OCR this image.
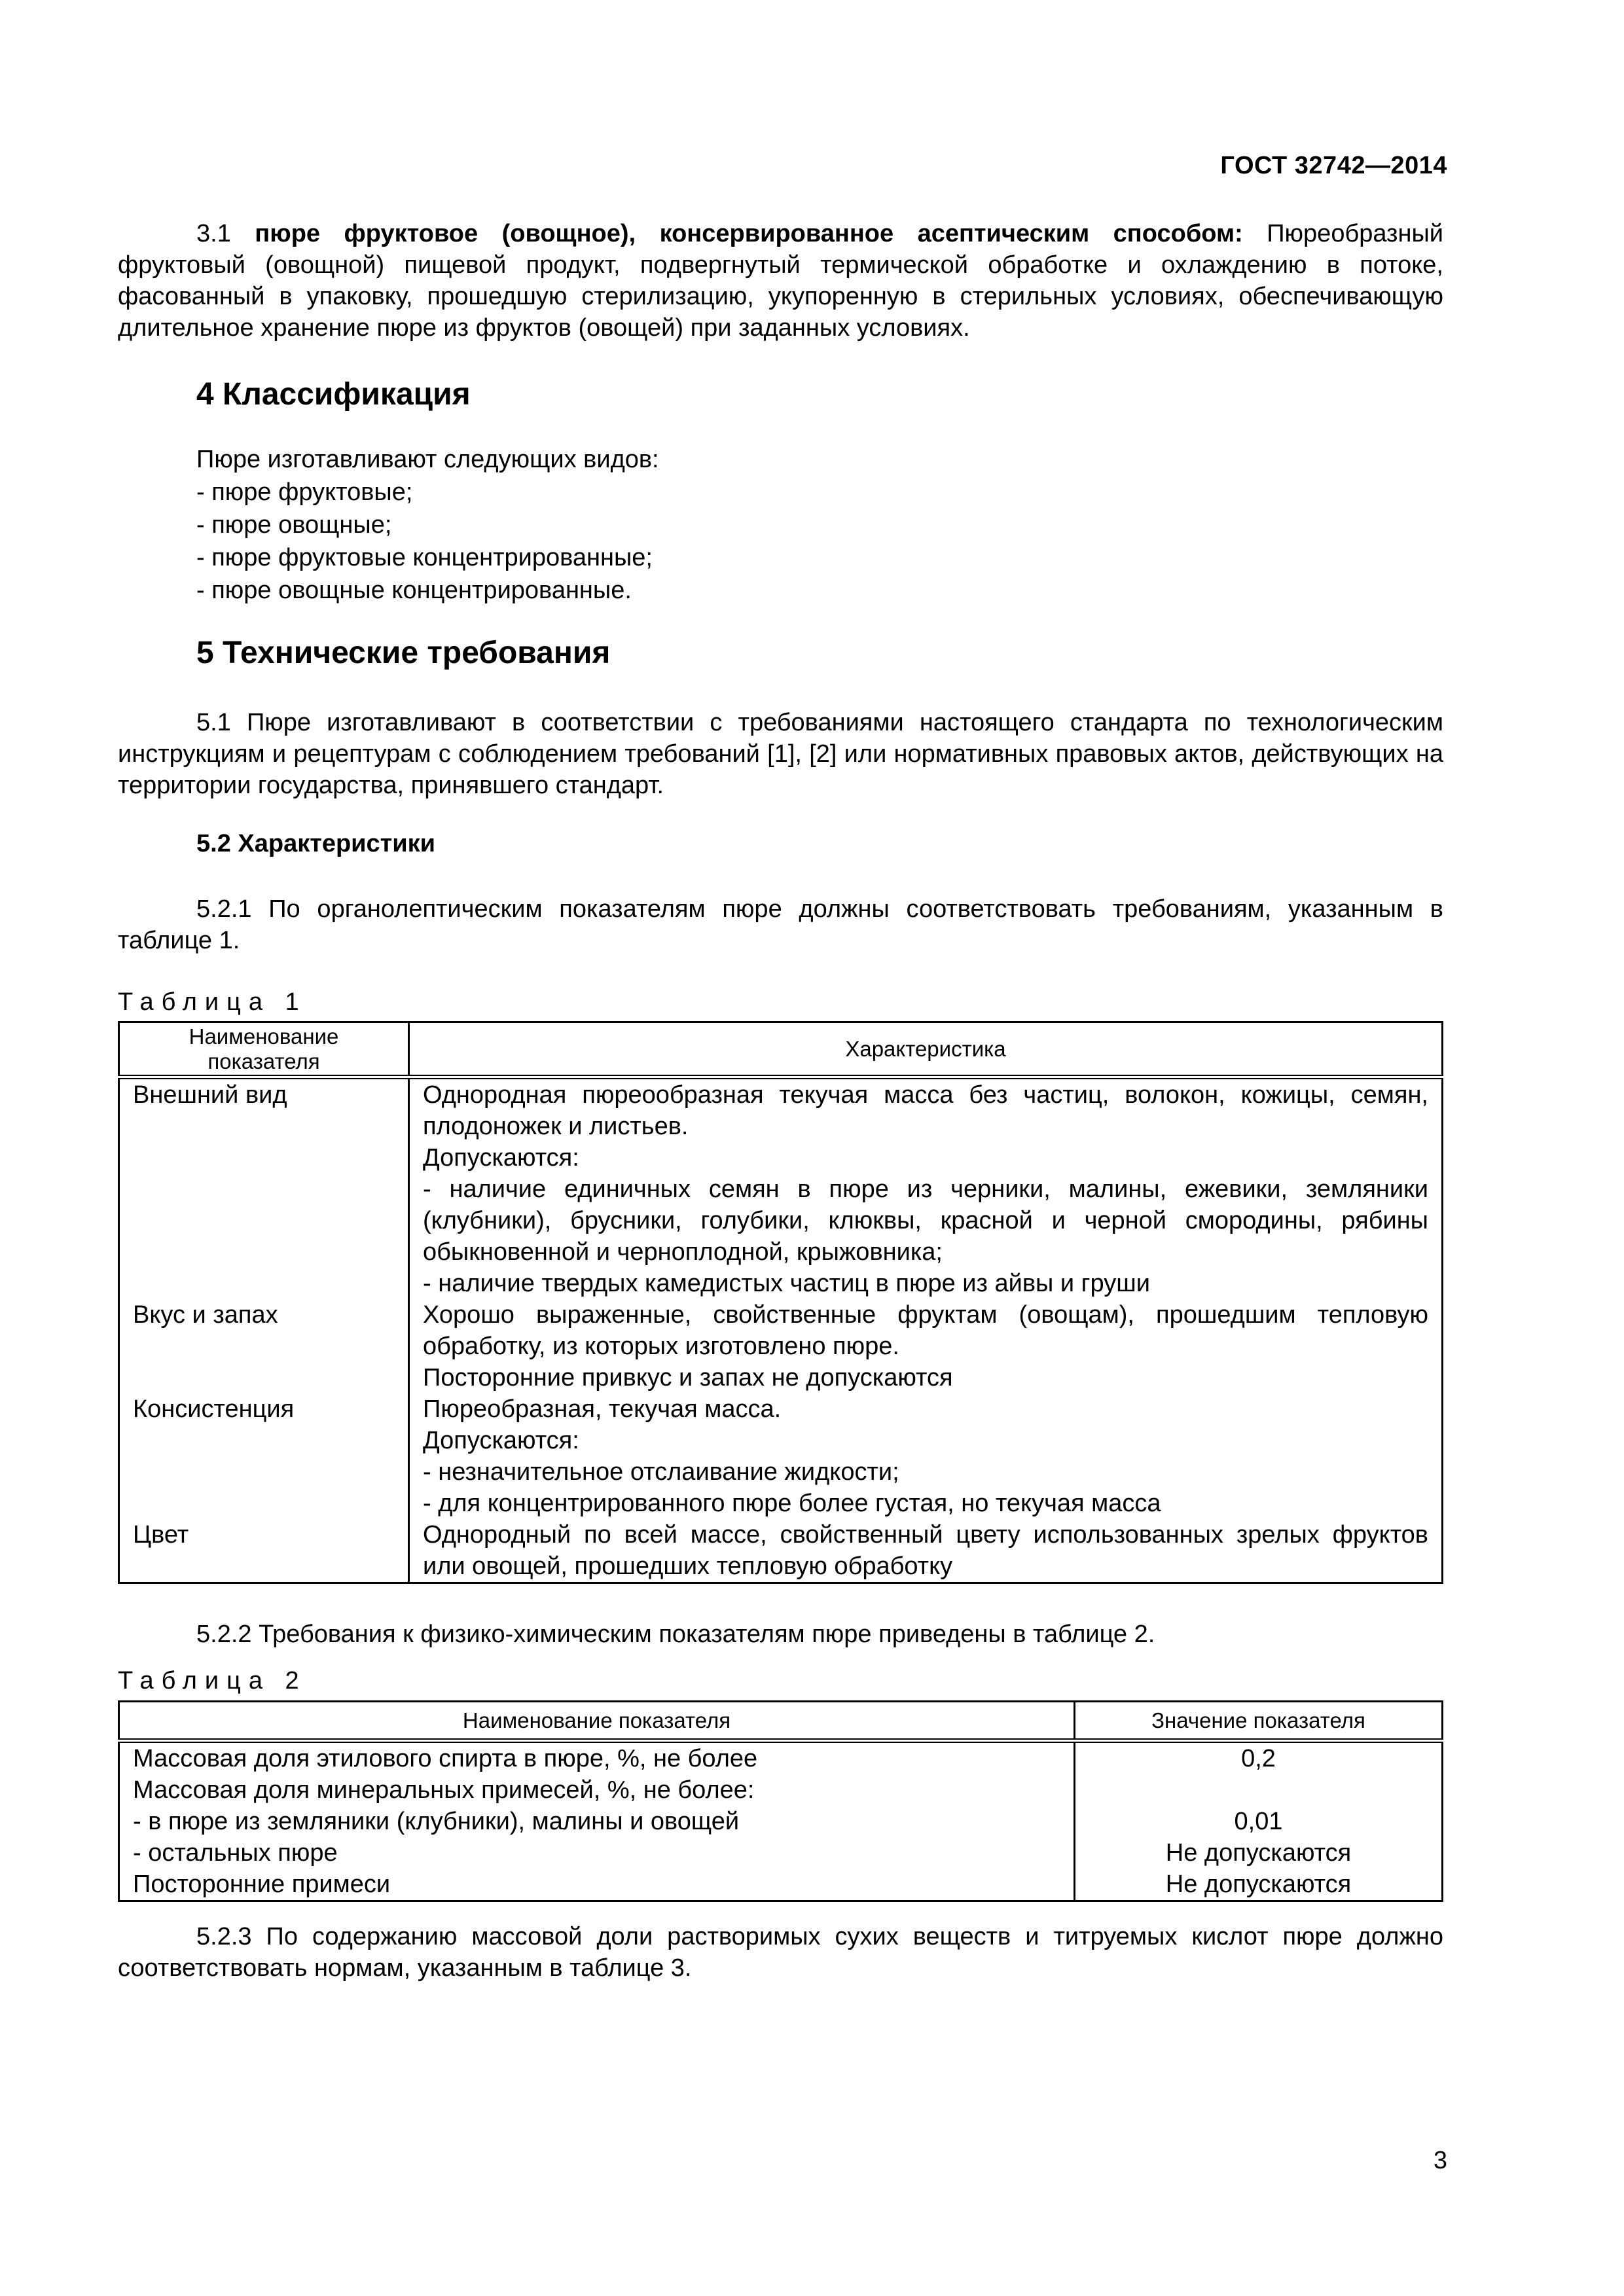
ГОСТ 32742—2014
3.1 пюре фруктовое (овощное), консервированное асептическим способом: Пюреобразный фруктовый (овощной) пищевой продукт, подвергнутый термической обработке и охлаждению в потоке, фасованный в упаковку, прошедшую стерилизацию, укупоренную в стерильных условиях, обеспечивающую длительное хранение пюре из фруктов (овощей) при заданных условиях.
4 Классификация
Пюре изготавливают следующих видов:
- пюре фруктовые;
- пюре овощные;
- пюре фруктовые концентрированные;
- пюре овощные концентрированные.
5 Технические требования
5.1 Пюре изготавливают в соответствии с требованиями настоящего стандарта по технологическим инструкциям и рецептурам с соблюдением требований [1], [2] или нормативных правовых актов, действующих на территории государства, принявшего стандарт.
5.2 Характеристики
5.2.1 По органолептическим показателям пюре должны соответствовать требованиям, указанным в таблице 1.
Таблица 1
Наименование показателя	Характеристика
Внешний вид	Однородная пюреообразная текучая масса без частиц, волокон, кожицы, семян, плодоножек и листьев.
Допускаются:
- наличие единичных семян в пюре из черники, малины, ежевики, земляники (клубники), брусники, голубики, клюквы, красной и черной смородины, рябины обыкновенной и черноплодной, крыжовника;
- наличие твердых камедистых частиц в пюре из айвы и груши

Вкус и запах	Хорошо выраженные, свойственные фруктам (овощам), прошедшим тепловую обработку, из которых изготовлено пюре.
Посторонние привкус и запах не допускаются

Консистенция	Пюреобразная, текучая масса.
Допускаются:
- незначительное отслаивание жидкости;
- для концентрированного пюре более густая, но текучая масса

Цвет	Однородный по всей массе, свойственный цвету использованных зрелых фруктов или овощей, прошедших тепловую обработку
5.2.2 Требования к физико-химическим показателям пюре приведены в таблице 2.
Таблица 2
Наименование показателя	Значение показателя
Массовая доля этилового спирта в пюре, %, не более	0,2
Массовая доля минеральных примесей, %, не более:	
- в пюре из земляники (клубники), малины и овощей	0,01
- остальных пюре	Не допускаются
Посторонние примеси	Не допускаются
5.2.3 По содержанию массовой доли растворимых сухих веществ и титруемых кислот пюре должно соответствовать нормам, указанным в таблице 3.
3
